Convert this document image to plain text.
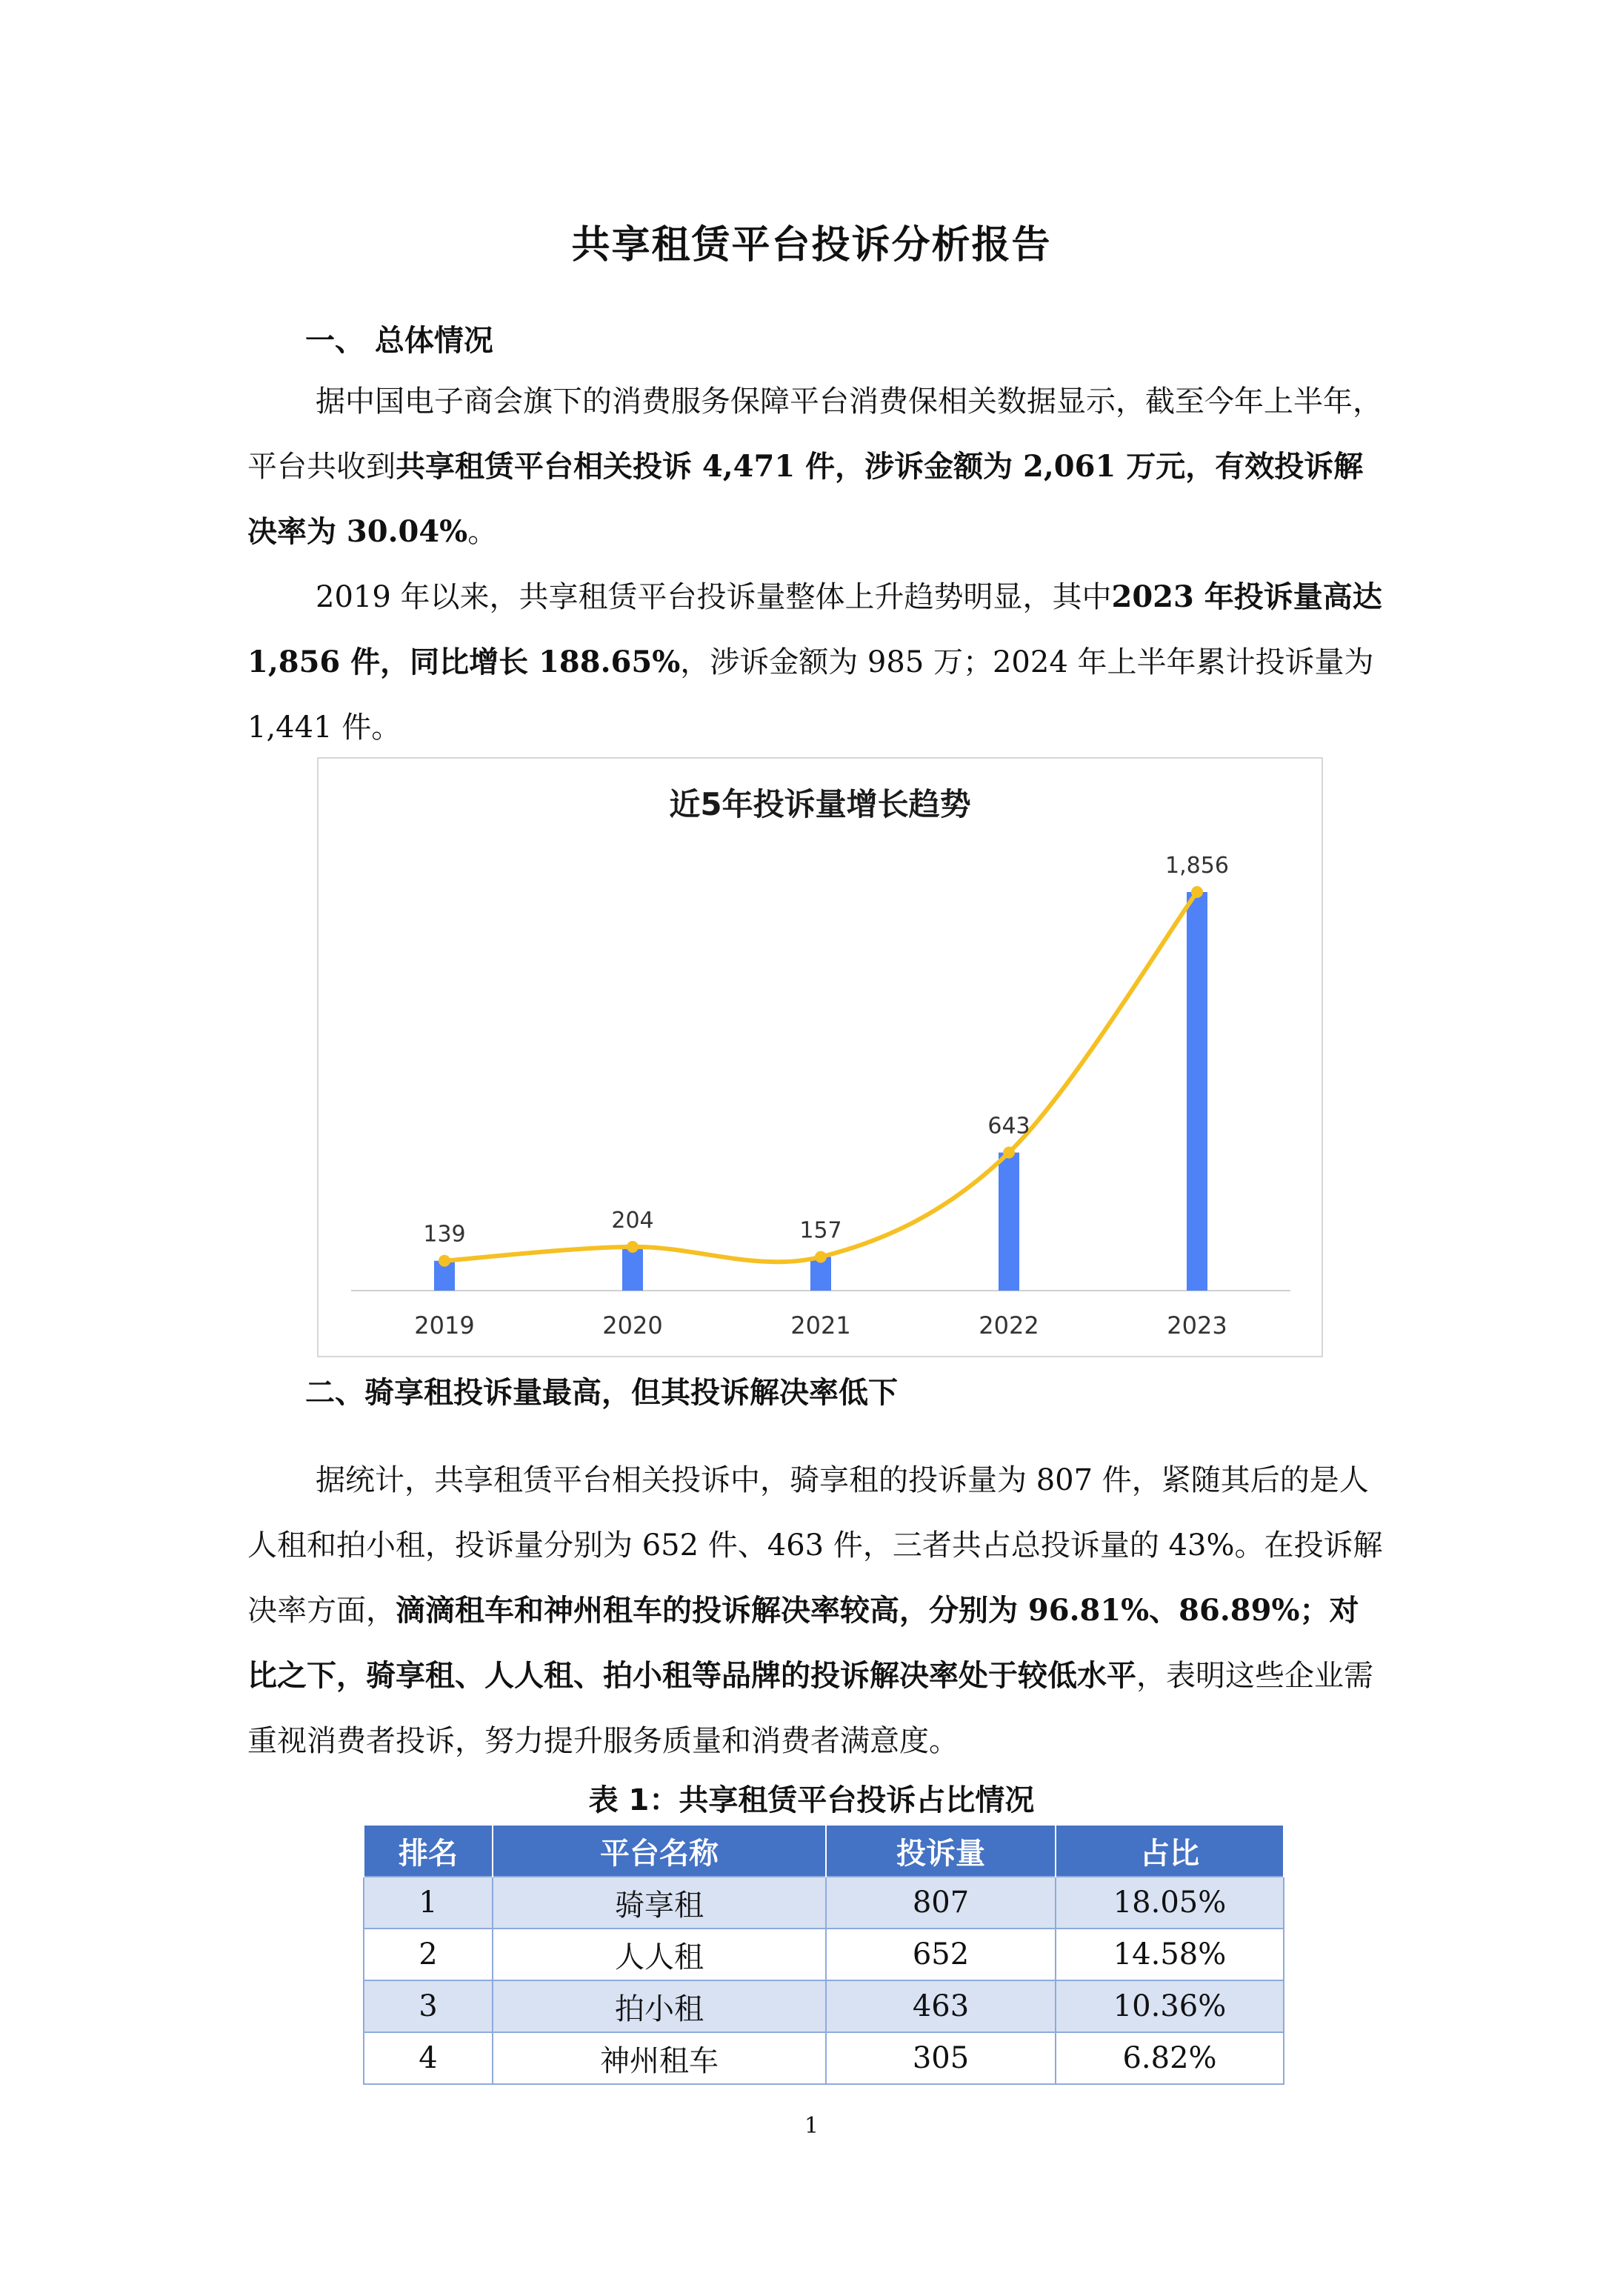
共享租赁平台投诉分析报告
一、 总体情况

据中国电子商会旗下的消费服务保障平台消费保相关数据显示，截至今年上半年，平台共收到共享租赁平台相关投诉 4,471 件，涉诉金额为 2,061 万元，有效投诉解决率为 30.04%。

2019 年以来，共享租赁平台投诉量整体上升趋势明显，其中2023 年投诉量高达 1,856 件，同比增长 188.65%，涉诉金额为 985 万；2024 年上半年累计投诉量为 1,441 件。

近5年投诉量增长趋势
139
204	157
643
1,856
2019	2020	2021	2022	2023
二、骑享租投诉量最高，但其投诉解决率低下

据统计，共享租赁平台相关投诉中，骑享租的投诉量为 807 件，紧随其后的是人人租和拍小租，投诉量分别为 652 件、463 件，三者共占总投诉量的 43%。在投诉解决率方面，滴滴租车和神州租车的投诉解决率较高，分别为 96.81%、86.89%；对比之下，骑享租、人人租、拍小租等品牌的投诉解决率处于较低水平，表明这些企业需重视消费者投诉，努力提升服务质量和消费者满意度。

表 1：共享租赁平台投诉占比情况
排名	平台名称	投诉量	占比
1	骑享租	807	18.05%
2	人人租	652	14.58%
3	拍小租	463	10.36%
4	神州租车	305	6.82%
1
